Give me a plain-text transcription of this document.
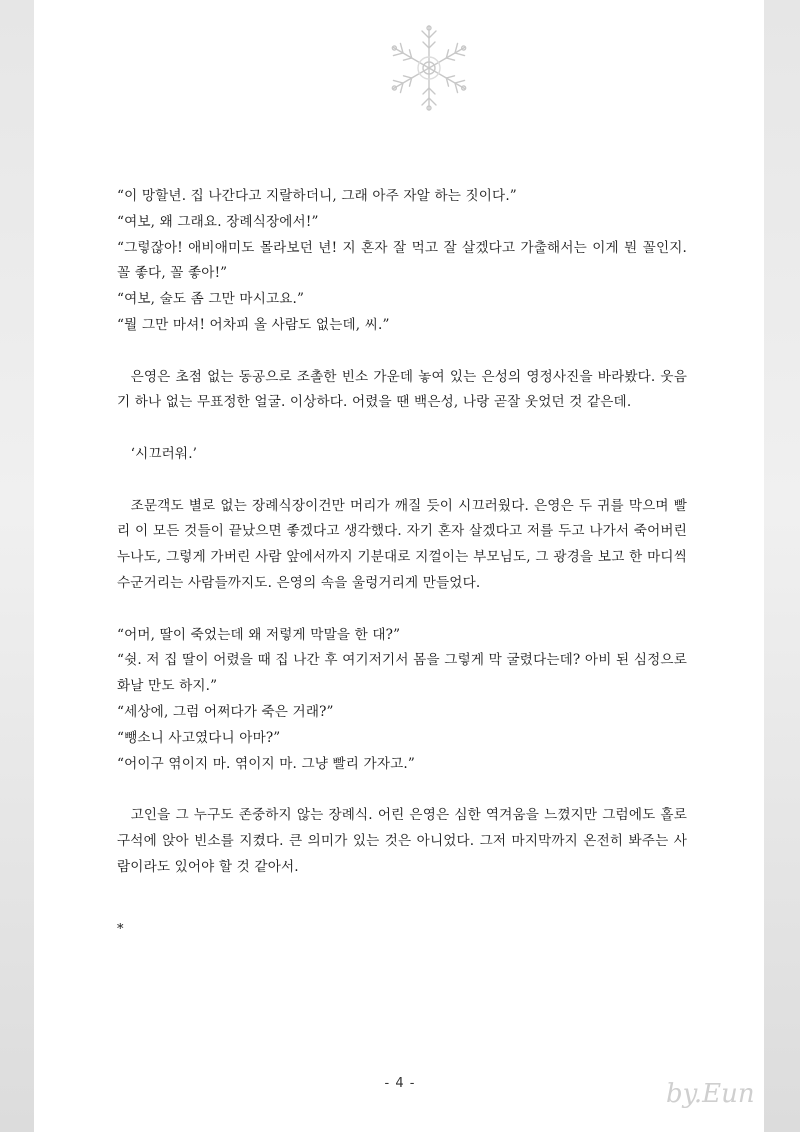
“이 망할년. 집 나간다고 지랄하더니, 그래 아주 자알 하는 짓이다.”

“여보, 왜 그래요. 장례식장에서!”

“그렇잖아! 애비애미도 몰라보던 년! 지 혼자 잘 먹고 잘 살겠다고 가출해서는 이게 뭔 꼴인지. 꼴 좋다, 꼴 좋아!”

“여보, 술도 좀 그만 마시고요.”

“뭘 그만 마셔! 어차피 올 사람도 없는데, 씨.”

은영은 초점 없는 동공으로 조촐한 빈소 가운데 놓여 있는 은성의 영정사진을 바라봤다. 웃음기 하나 없는 무표정한 얼굴. 이상하다. 어렸을 땐 백은성, 나랑 곧잘 웃었던 것 같은데.

‘시끄러워.’

조문객도 별로 없는 장례식장이건만 머리가 깨질 듯이 시끄러웠다. 은영은 두 귀를 막으며 빨리 이 모든 것들이 끝났으면 좋겠다고 생각했다. 자기 혼자 살겠다고 저를 두고 나가서 죽어버린 누나도, 그렇게 가버린 사람 앞에서까지 기분대로 지껄이는 부모님도, 그 광경을 보고 한 마디씩 수군거리는 사람들까지도. 은영의 속을 울렁거리게 만들었다.

“어머, 딸이 죽었는데 왜 저렇게 막말을 한 대?”

“쉿. 저 집 딸이 어렸을 때 집 나간 후 여기저기서 몸을 그렇게 막 굴렸다는데? 아비 된 심정으로 화날 만도 하지.”

“세상에, 그럼 어쩌다가 죽은 거래?”

“뺑소니 사고였다니 아마?”

“어이구 엮이지 마. 엮이지 마. 그냥 빨리 가자고.”

고인을 그 누구도 존중하지 않는 장례식. 어린 은영은 심한 역겨움을 느꼈지만 그럼에도 홀로 구석에 앉아 빈소를 지켰다. 큰 의미가 있는 것은 아니었다. 그저 마지막까지 온전히 봐주는 사람이라도 있어야 할 것 같아서.

*
- 4 -	by.Eun
